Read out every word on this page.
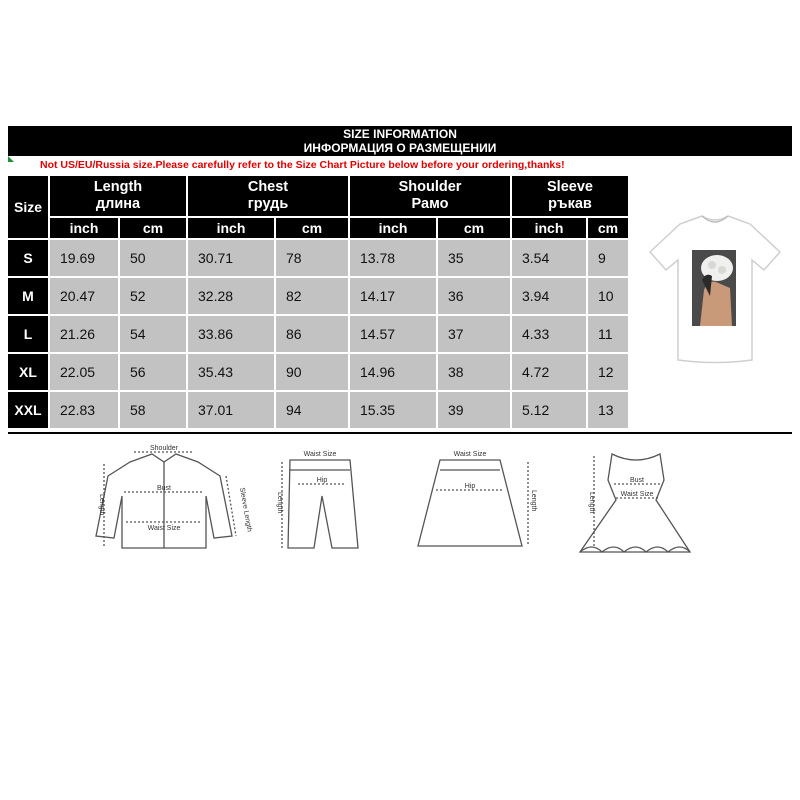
SIZE INFORMATION
ИНФОРМАЦИЯ О РАЗМЕЩЕНИИ
Not US/EU/Russia size.Please carefully refer to the Size Chart Picture below before your ordering,thanks!
Size
Length
длина
inch	cm
Chest
грудь
inch	cm
Shoulder
Рамо
inch	cm
Sleeve
ръкав
inch	cm
S	19.69	50	30.71	78	13.78	35	3.54	9
M	20.47	52	32.28	82	14.17	36	3.94	10
L	21.26	54	33.86	86	14.57	37	4.33	11
XL	22.05	56	35.43	90	14.96	38	4.72	12
XXL	22.83	58	37.01	94	15.35	39	5.12	13
Shoulder
Bust
Waist Size	Sleeve Length
Length
Waist Size
Hip
Length
Waist Size
Hip
Length
Bust
Waist Size
Length
